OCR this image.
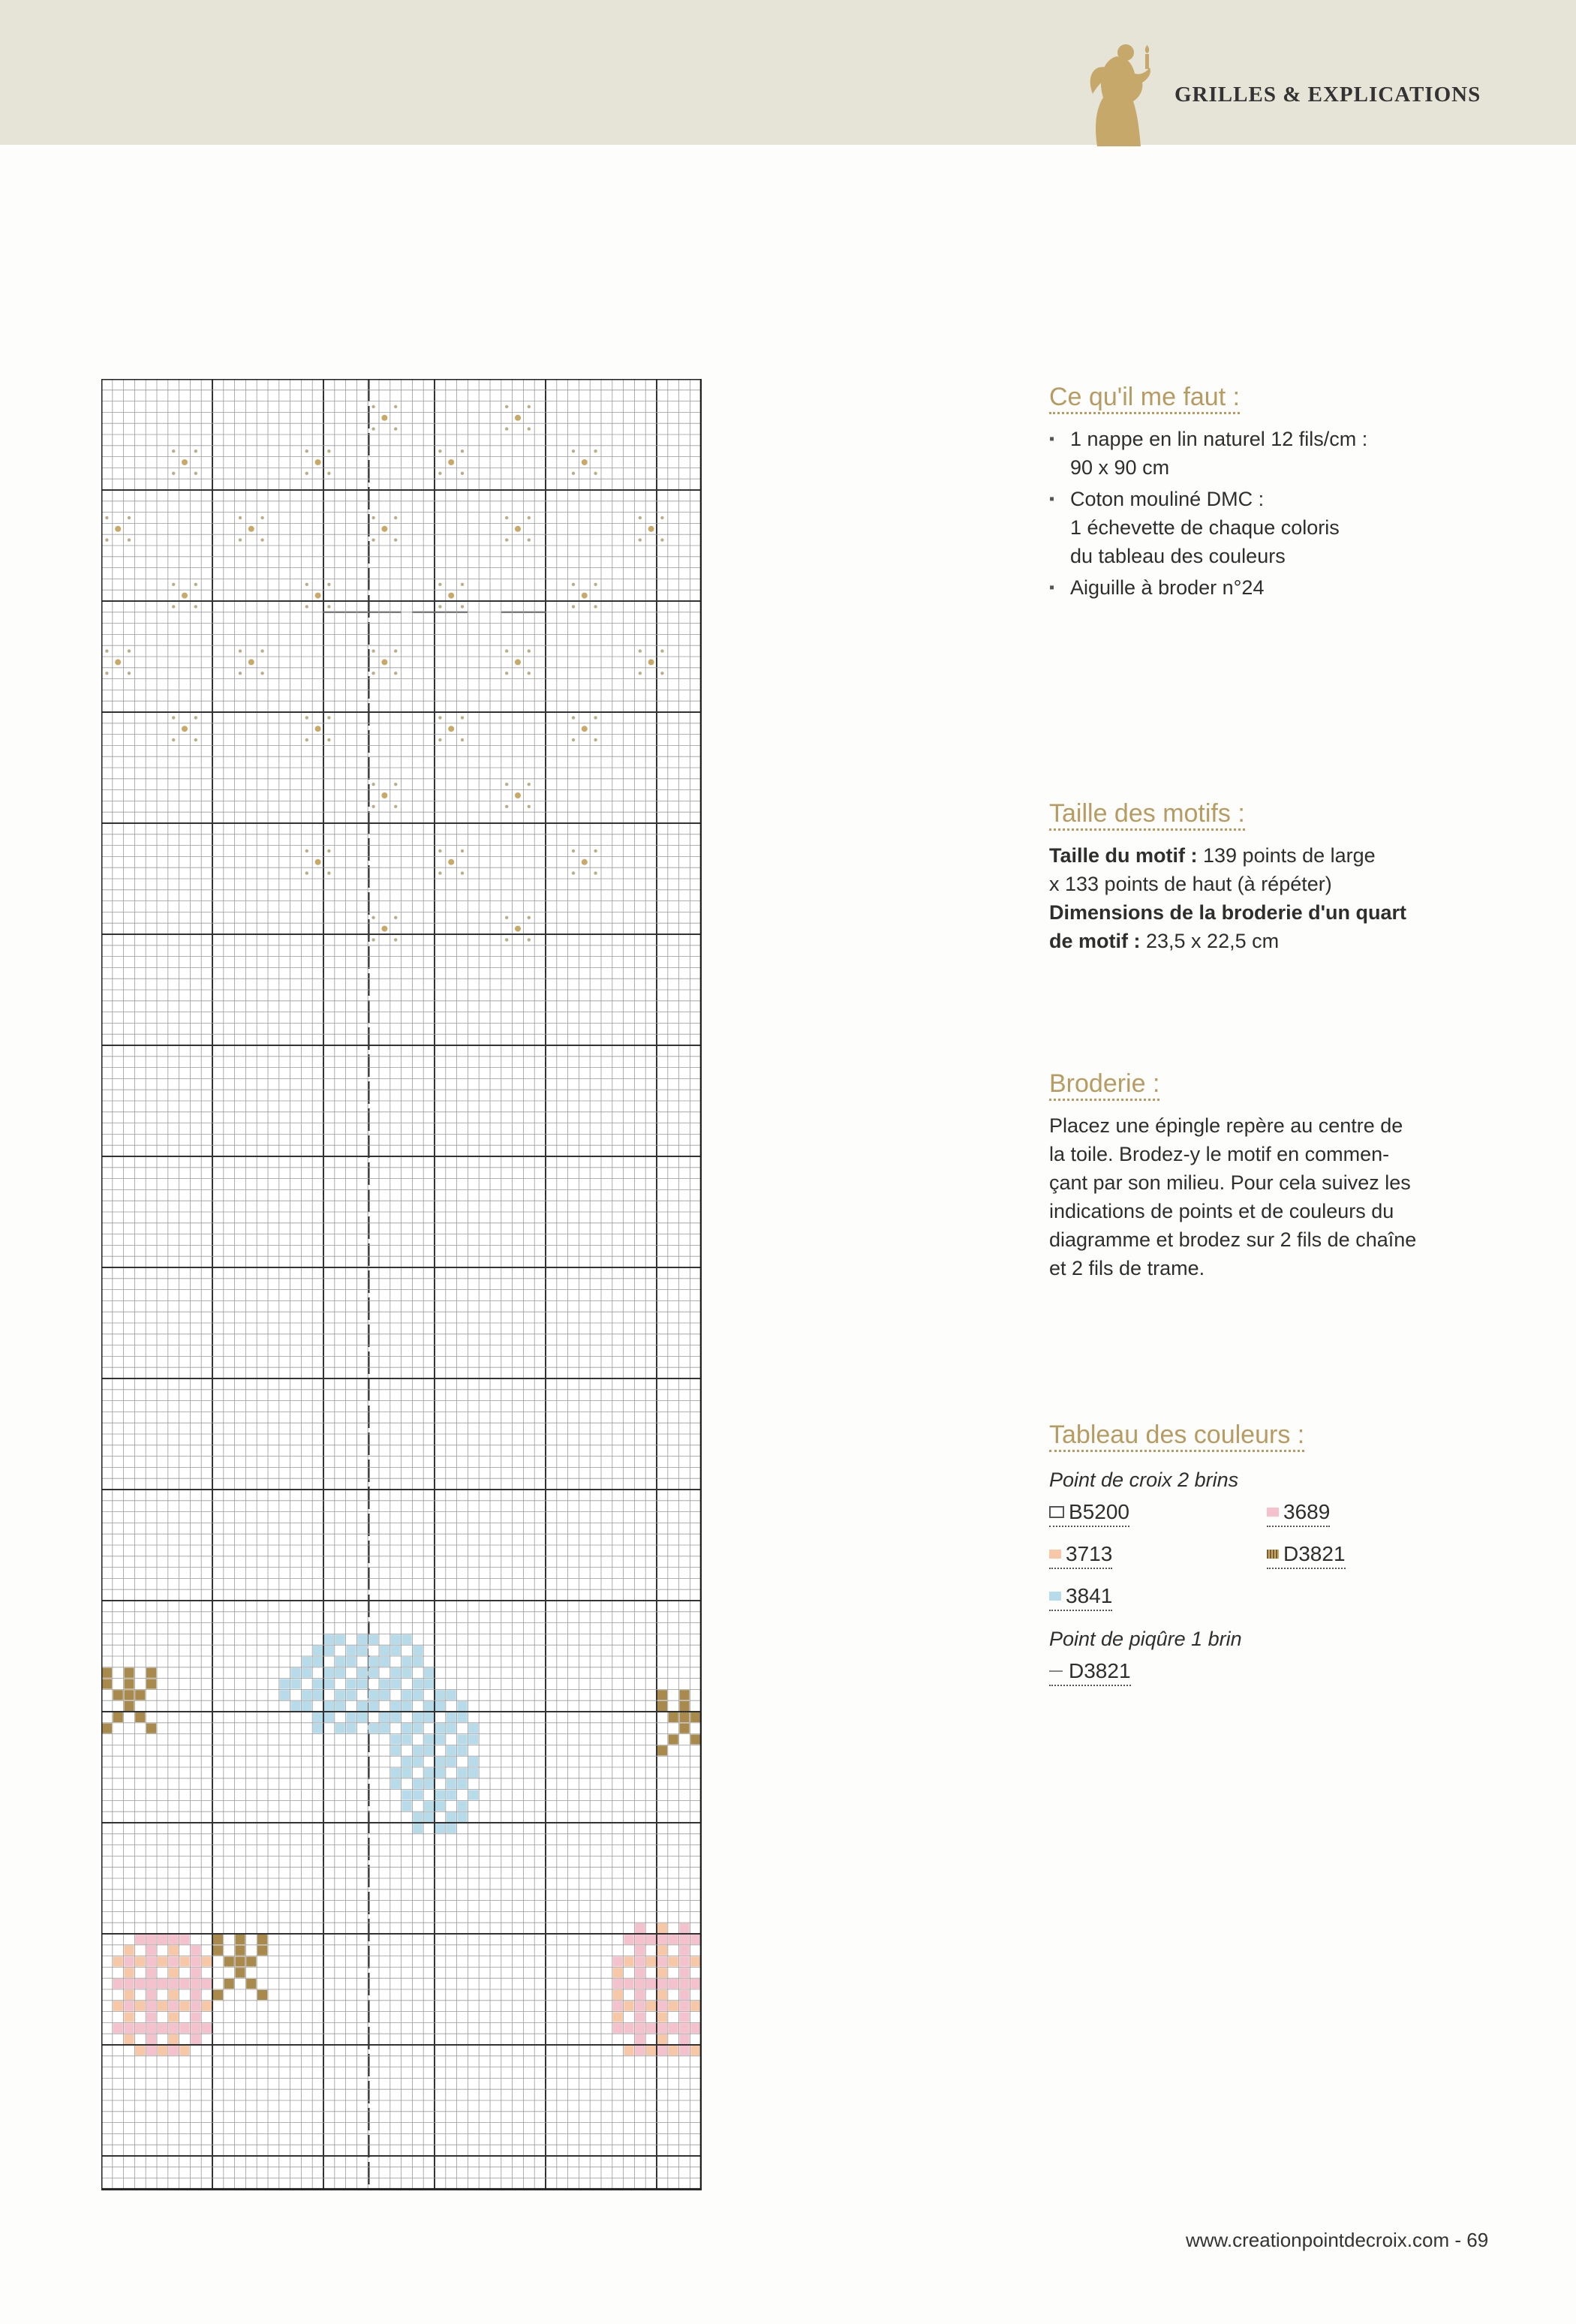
GRILLES & EXPLICATIONS
Ce qu'il me faut :
▪ 1 nappe en lin naturel 12 fils/cm :
90 x 90 cm
▪ Coton mouliné DMC :
1 échevette de chaque coloris
du tableau des couleurs
▪ Aiguille à broder n°24
Taille des motifs :

Taille du motif : 139 points de large

x 133 points de haut (à répéter)

Dimensions de la broderie d'un quart

de motif : 23,5 x 22,5 cm

Broderie :

Placez une épingle repère au centre de

la toile. Brodez-y le motif en commen-

çant par son milieu. Pour cela suivez les

indications de points et de couleurs du

diagramme et brodez sur 2 fils de chaîne

et 2 fils de trame.

Tableau des couleurs :
Point de croix 2 brins
B5200	3689
3713	D3821
3841
Point de piqûre 1 brin
D3821
www.creationpointdecroix.com - 69
